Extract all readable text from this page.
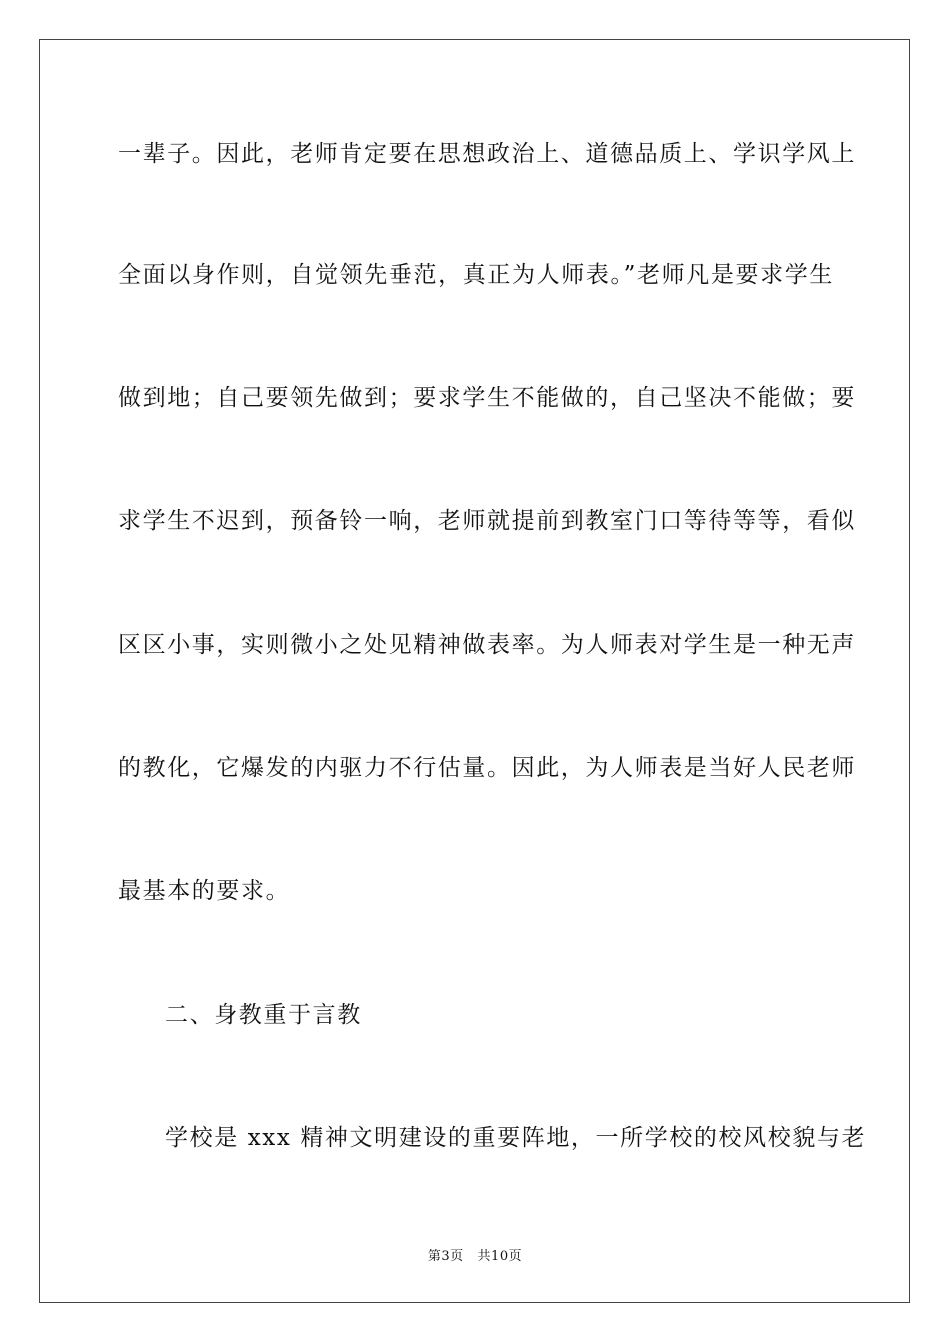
一辈子。因此，老师肯定要在思想政治上、道德品质上、学识学风上
全面以身作则，自觉领先垂范，真正为人师表。”老师凡是要求学生
做到地；自己要领先做到；要求学生不能做的，自己坚决不能做；要
求学生不迟到，预备铃一响，老师就提前到教室门口等待等等，看似
区区小事，实则微小之处见精神做表率。为人师表对学生是一种无声
的教化，它爆发的内驱力不行估量。因此，为人师表是当好人民老师
最基本的要求。
二、身教重于言教
学校是 xxx 精神文明建设的重要阵地，一所学校的校风校貌与老
第3页   共10页
